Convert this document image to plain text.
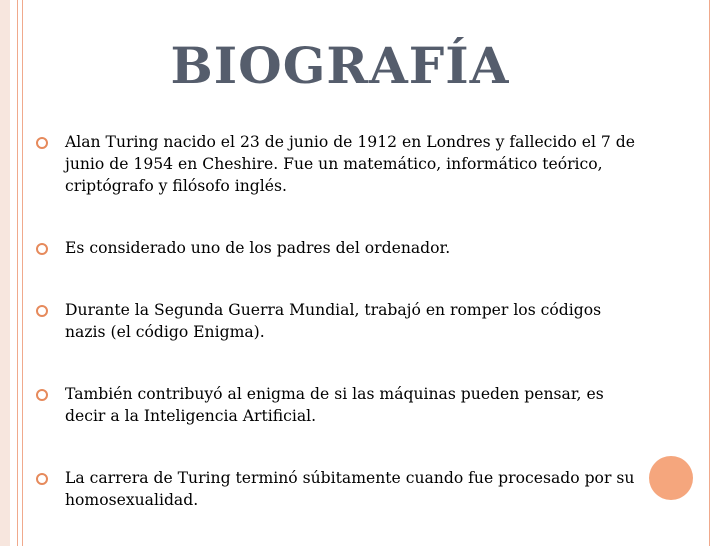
BIOGRAFÍA
Alan Turing nacido el 23 de junio de 1912 en Londres y fallecido el 7 de junio de 1954 en Cheshire. Fue un matemático, informático teórico, criptógrafo y filósofo inglés.
Es considerado uno de los padres del ordenador.
Durante la Segunda Guerra Mundial, trabajó en romper los códigos nazis (el código Enigma).
También contribuyó al enigma de si las máquinas pueden pensar, es decir a la Inteligencia Artificial.
La carrera de Turing terminó súbitamente cuando fue procesado por su homosexualidad.
